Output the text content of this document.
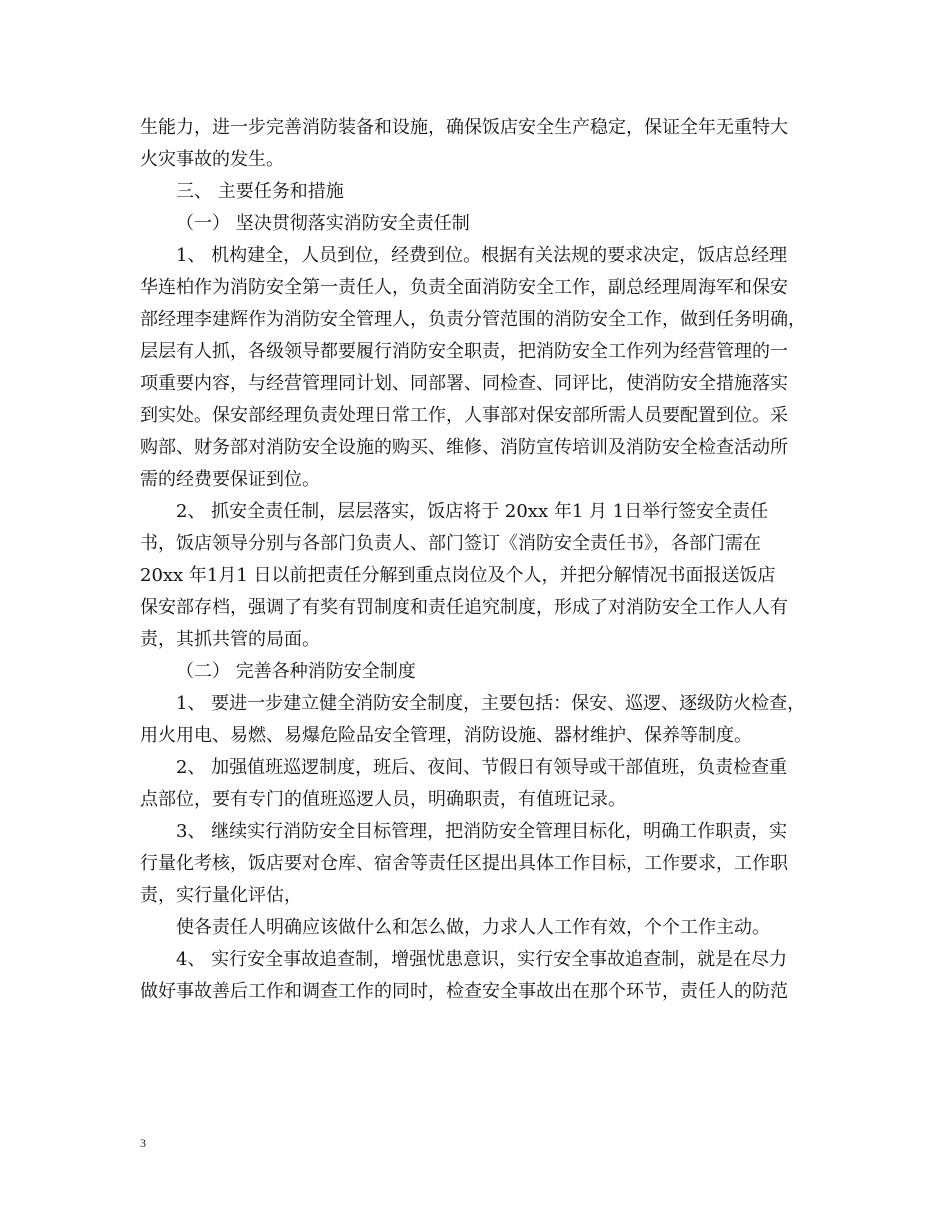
生能力，进一步完善消防装备和设施，确保饭店安全生产稳定，保证全年无重特大
火灾事故的发生。
三、 主要任务和措施
（一） 坚决贯彻落实消防安全责任制
1、 机构建全，人员到位，经费到位。根据有关法规的要求决定，饭店总经理
华连柏作为消防安全第一责任人，负责全面消防安全工作，副总经理周海军和保安
部经理李建辉作为消防安全管理人，负责分管范围的消防安全工作，做到任务明确，
层层有人抓，各级领导都要履行消防安全职责，把消防安全工作列为经营管理的一
项重要内容，与经营管理同计划、同部署、同检查、同评比，使消防安全措施落实
到实处。保安部经理负责处理日常工作，人事部对保安部所需人员要配置到位。采
购部、财务部对消防安全设施的购买、维修、消防宣传培训及消防安全检查活动所
需的经费要保证到位。
2、 抓安全责任制，层层落实，饭店将于 20xx 年1 月 1日举行签安全责任
书，饭店领导分别与各部门负责人、部门签订《消防安全责任书》，各部门需在
20xx 年1月1 日以前把责任分解到重点岗位及个人，并把分解情况书面报送饭店
保安部存档，强调了有奖有罚制度和责任追究制度，形成了对消防安全工作人人有
责，其抓共管的局面。
（二） 完善各种消防安全制度
1、 要进一步建立健全消防安全制度，主要包括：保安、巡逻、逐级防火检查，
用火用电、易燃、易爆危险品安全管理，消防设施、器材维护、保养等制度。
2、 加强值班巡逻制度，班后、夜间、节假日有领导或干部值班，负责检查重
点部位，要有专门的值班巡逻人员，明确职责，有值班记录。
3、 继续实行消防安全目标管理，把消防安全管理目标化，明确工作职责，实
行量化考核，饭店要对仓库、宿舍等责任区提出具体工作目标，工作要求，工作职
责，实行量化评估，
使各责任人明确应该做什么和怎么做，力求人人工作有效，个个工作主动。
4、 实行安全事故追查制，增强忧患意识，实行安全事故追查制，就是在尽力
做好事故善后工作和调查工作的同时，检查安全事故出在那个环节，责任人的防范
3
